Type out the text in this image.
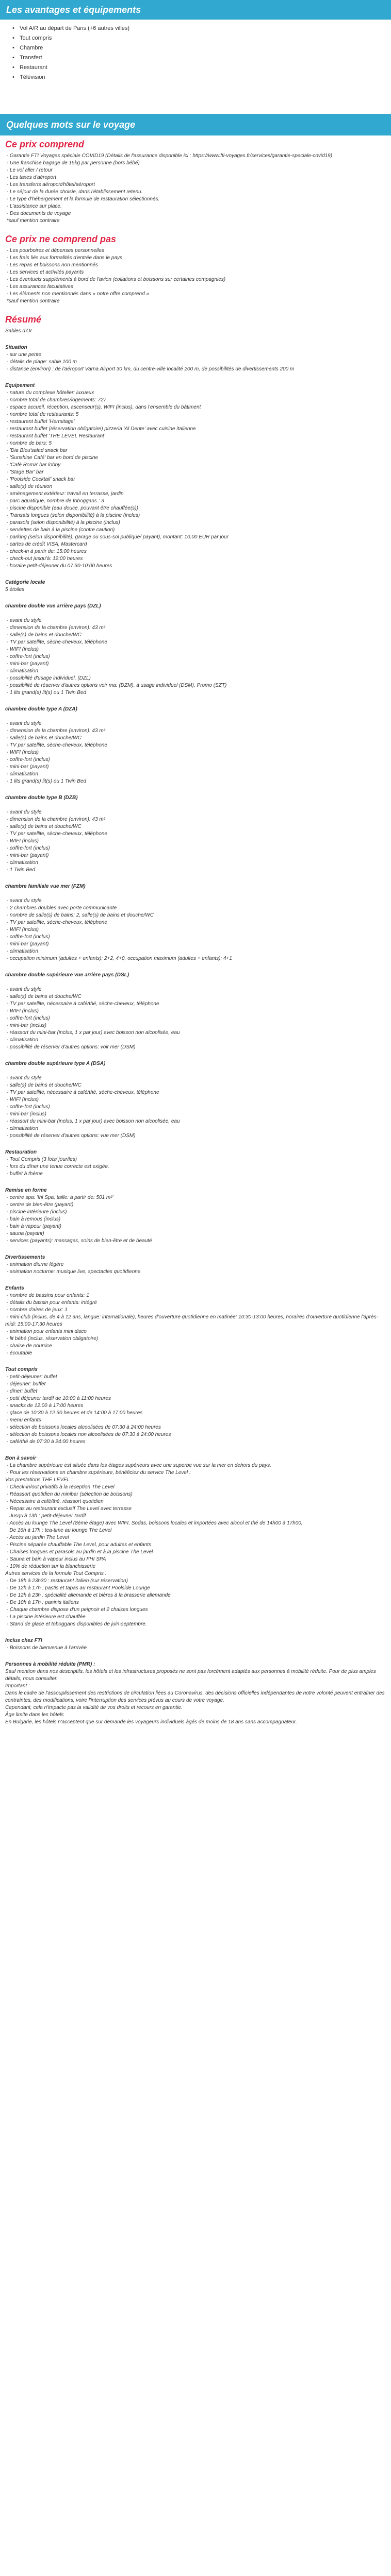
Les avantages et équipements
• Vol A/R au départ de Paris (+6 autres villes)
• Tout compris
• Chambre
• Transfert
• Restaurant
• Télévision
Quelques mots sur le voyage
Ce prix comprend

- Garantie FTI Voyages spéciale COVID19 (Détails de l'assurance disponible ici : https://www.fti-voyages.fr/services/garantie-speciale-covid19)
- Une franchise bagage de 15kg par personne (hors bébé)
- Le vol aller / retour
- Les taxes d'aéroport
- Les transferts aéroport/hôtel/aéroport
- Le séjour de la durée choisie, dans l'établissement retenu.
- Le type d'hébergement et la formule de restauration sélectionnés.
- L'assistance sur place.
- Des documents de voyage
*sauf mention contraire

Ce prix ne comprend pas

- Les pourboires et dépenses personnelles
- Les frais liés aux formalités d'entrée dans le pays
- Les repas et boissons non mentionnés
- Les services et activités payants
- Les éventuels suppléments à bord de l'avion (collations et boissons sur certaines compagnies)
- Les assurances facultatives
- Les éléments non mentionnés dans « notre offre comprend »
*sauf mention contraire

Résumé

Sables d'Or

Situation

- sur une pente
- détails de plage: sable 100 m
- distance (environ) : de l'aéroport Varna Airport 30 km, du centre-ville localité 200 m, de possibilités de divertissements 200 m

Equipement

- nature du complexe hôtelier: luxueux
- nombre total de chambres/logements: 727
- espace accueil, réception, ascenseur(s), WIFI (inclus), dans l'ensemble du bâtiment
- nombre total de restaurants: 5
- restaurant buffet 'Hermitage'
- restaurant buffet (réservation obligatoire) pizzeria 'Al Dente' avec cuisine italienne
- restaurant buffet 'THE LEVEL Restaurant'
- nombre de bars: 5
- 'Dia Bleu'salad snack bar
- 'Sunshine Café' bar en bord de piscine
- 'Café Roma' bar lobby
- 'Stage Bar' bar
- 'Poolside Cocktail' snack bar
- salle(s) de réunion
- aménagement extérieur: travail en terrasse, jardin
- parc aquatique, nombre de toboggans : 3
- piscine disponible (eau douce, pouvant être chauffée(s))
- Transats longues (selon disponibilité) à la piscine (inclus)
- parasols (selon disponibilité) à la piscine (inclus)
- serviettes de bain à la piscine (contre caution)
- parking (selon disponibilité), garage ou sous-sol publique/ payant), montant: 10.00 EUR par jour
- cartes de crédit VISA, Mastercard
- check-in à partir de: 15:00 heures
- check-out jusqu'à: 12:00 heures
- horaire petit-déjeuner du 07:30-10:00 heures

Catégorie locale

5 étoiles

chambre double vue arrière pays (DZL)

- avant du style
- dimension de la chambre (environ): 43 m²
- salle(s) de bains et douche/WC
- TV par satellite, sèche-cheveux, téléphone
- WIFI (inclus)
- coffre-fort (inclus)
- mini-bar (payant)
- climatisation
- possibilité d'usage individuel, (DZL)
- possibilité de réserver d'autres options voir ma: (DZM), à usage individuel (DSM), Promo (SZT)
- 1 lits grand(s) lit(s) ou 1 Twin Bed

chambre double type A (DZA)

- avant du style
- dimension de la chambre (environ): 43 m²
- salle(s) de bains et douche/WC
- TV par satellite, sèche-cheveux, téléphone
- WIFI (inclus)
- coffre-fort (inclus)
- mini-bar (payant)
- climatisation
- 1 lits grand(s) lit(s) ou 1 Twin Bed

chambre double type B (DZB)

- avant du style
- dimension de la chambre (environ): 43 m²
- salle(s) de bains et douche/WC
- TV par satellite, sèche-cheveux, téléphone
- WIFI (inclus)
- coffre-fort (inclus)
- mini-bar (payant)
- climatisation
- 1 Twin Bed

chambre familiale vue mer (FZM)

- avant du style
- 2 chambres doubles avec porte communicante
- nombre de salle(s) de bains: 2, salle(s) de bains et douche/WC
- TV par satellite, sèche-cheveux, téléphone
- WIFI (inclus)
- coffre-fort (inclus)
- mini-bar (payant)
- climatisation
- occupation minimum (adultes + enfants): 2+2, 4+0, occupation maximum (adultes + enfants): 4+1

chambre double supérieure vue arrière pays (DSL)

- avant du style
- salle(s) de bains et douche/WC
- TV par satellite, nécessaire à café/thé, sèche-cheveux, téléphone
- WIFI (inclus)
- coffre-fort (inclus)
- mini-bar (inclus)
- réassort du mini-bar (inclus, 1 x par jour) avec boisson non alcoolisée, eau
- climatisation
- possibilité de réserver d'autres options: voir mer (DSM)

chambre double supérieure type A (DSA)

- avant du style
- salle(s) de bains et douche/WC
- TV par satellite, nécessaire à café/thé, sèche-cheveux, téléphone
- WIFI (inclus)
- coffre-fort (inclus)
- mini-bar (inclus)
- réassort du mini-bar (inclus, 1 x par jour) avec boisson non alcoolisée, eau
- climatisation
- possibilité de réserver d'autres options: vue mer (DSM)

Restauration

- Tout Compris (3 fois/ jour/les)
- lors du dîner une tenue correcte est exigée.
- buffet à thème

Remise en forme

- centre spa: 'Ihl Spa, taille: à partir de: 501 m²'
- centre de bien-être (payant)
- piscine intérieure (inclus)
- bain à remous (inclus)
- bain à vapeur (payant)
- sauna (payant)
- services (payants): massages, soins de bien-être et de beauté

Divertissements

- animation diurne légère
- animation nocturne: musique live, spectacles quotidienne

Enfants

- nombre de bassins pour enfants: 1
- détails du bassin pour enfants: intégré
- nombre d'aires de jeux: 1
- mini-club (inclus, de 4 à 12 ans, langue: internationale), heures d'ouverture quotidienne en matinée: 10:30-13:00 heures, horaires d'ouverture quotidienne l'après-midi: 15:00-17:30 heures
- animation pour enfants mini disco
- lit bébé (inclus, réservation obligatoire)
- chaise de nourrice
- écoutable

Tout compris

- petit-déjeuner: buffet
- déjeuner: buffet
- dîner: buffet
- petit déjeuner tardif de 10:00 à 11:00 heures
- snacks de 12:00 à 17:00 heures
- glace de 10:30 à 12:30 heures et de 14:00 à 17:00 heures
- menu enfants
- sélection de boissons locales alcoolisées de 07:30 à 24:00 heures
- sélection de boissons locales non alcoolisées de 07:30 à 24:00 heures
- café/thé de 07:30 à 24:00 heures

Bon à savoir

- La chambre supérieure est située dans les étages supérieurs avec une superbe vue sur la mer en dehors du pays.
- Pour les réservations en chambre supérieure, bénéficiez du service The Level :
Vos prestations THE LEVEL :
- Check-in/out privatifs à la réception The Level
- Réassort quotidien du minibar (sélection de boissons)
- Nécessaire à café/thé, réassort quotidien
- Repas au restaurant exclusif The Level avec terrasse
Jusqu'à 13h : petit-déjeuner tardif
- Accès au lounge The Level (8ème étage) avec WIFI, Sodas, boissons locales et importées avec alcool et thé de 14h00 à 17h00,
De 16h à 17h : tea-time au lounge The Level
- Accès au jardin The Level
- Piscine séparée chauffable The Level, pour adultes et enfants
- Chaises longues et parasols au jardin et à la piscine The Level
- Sauna et bain à vapeur inclus au FHI SPA
- 10% de réduction sur la blanchisserie
Autres services de la formule Tout Compris :
- De 18h à 23h30 : restaurant italien (sur réservation)
- De 12h à 17h : pastis et tapas au restaurant Poolside Lounge
- De 12h à 23h : spécialité allemande et bières à la brasserie allemande
- De 10h à 17h : paninis italiens
- Chaque chambre dispose d'un peignoir et 2 chaises longues
- La piscine intérieure est chauffée
- Stand de glace et toboggans disponibles de juin-septembre.

Inclus chez FTI

- Boissons de bienvenue à l'arrivée

Personnes à mobilité réduite (PMR) :

Sauf mention dans nos descriptifs, les hôtels et les infrastructures proposés ne sont pas forcément adaptés aux personnes à mobilité réduite. Pour de plus amples détails, nous consulter.
Important :
Dans le cadre de l'assouplissement des restrictions de circulation liées au Coronavirus, des décisions officielles indépendantes de notre volonté peuvent entraîner des contraintes, des modifications, voire l'interruption des services prévus au cours de votre voyage.
Cependant, cela n'impacte pas la validité de vos droits et recours en garantie.
Âge limite dans les hôtels
En Bulgarie, les hôtels n'acceptent que sur demande les voyageurs individuels âgés de moins de 18 ans sans accompagnateur.
